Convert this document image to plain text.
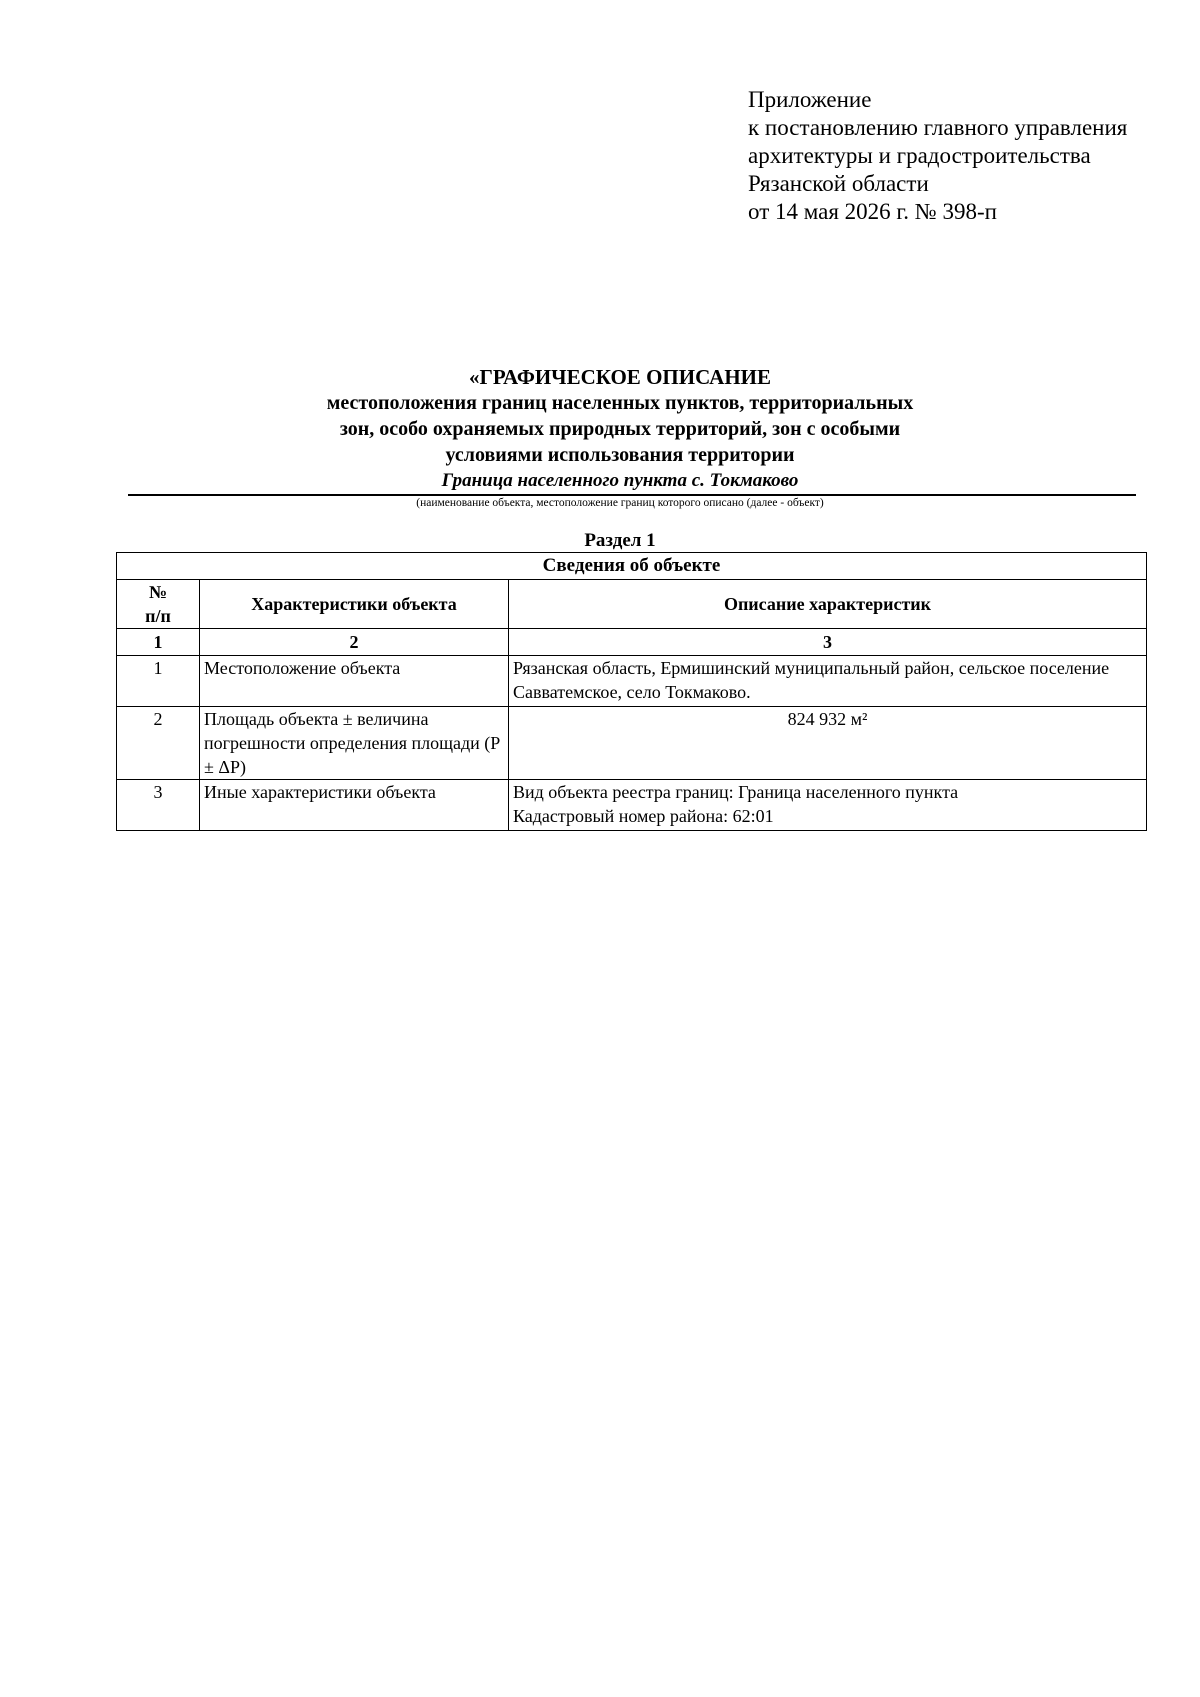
Приложение
к постановлению главного управления
архитектуры и градостроительства
Рязанской области
от 14 мая 2026 г. № 398-п
«ГРАФИЧЕСКОЕ ОПИСАНИЕ
местоположения границ населенных пунктов, территориальных
зон, особо охраняемых природных территорий, зон с особыми
условиями использования территории
Граница населенного пункта с. Токмаково
(наименование объекта, местоположение границ которого описано (далее - объект)
Раздел 1
Сведения об объекте		
№
п/п	Характеристики объекта	Описание характеристик
1	2	3
1	Местоположение объекта	Рязанская область, Ермишинский муниципальный район, сельское поселение Савватемское, село Токмаково.
2	Площадь объекта ± величина погрешности определения площади (P ± ΔP)	824 932 м²
3	Иные характеристики объекта	Вид объекта реестра границ: Граница населенного пункта
Кадастровый номер района: 62:01
